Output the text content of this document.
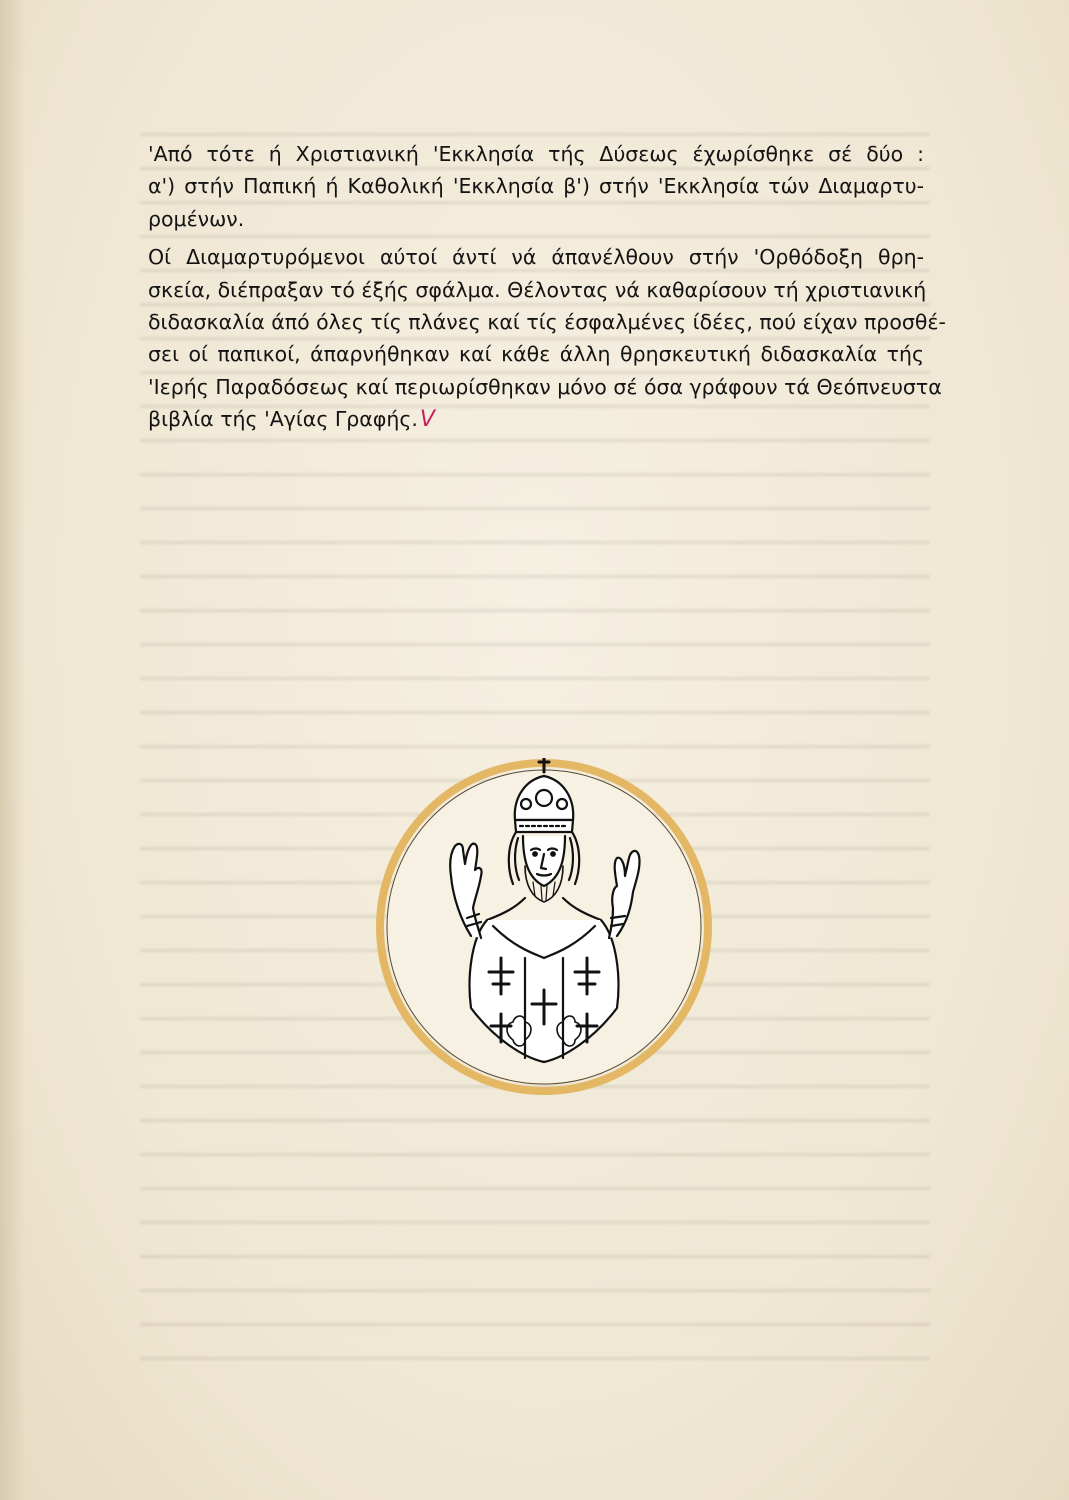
'Από τότε ή Χριστιανική 'Εκκλησία τής Δύσεως έχωρίσθηκε σέ δύο :
α') στήν Παπική ή Καθολική 'Εκκλησία β') στήν 'Εκκλησία τών Διαμαρτυ-
ρομένων.
Οί Διαμαρτυρόμενοι αύτοί άντί νά άπανέλθουν στήν 'Ορθόδοξη θρη-
σκεία, διέπραξαν τό έξής σφάλμα. Θέλοντας νά καθαρίσουν τή χριστιανική
διδασκαλία άπό όλες τίς πλάνες καί τίς έσφαλμένες ίδέες, πού είχαν προσθέ-
σει οί παπικοί, άπαρνήθηκαν καί κάθε άλλη θρησκευτική διδασκαλία τής
'Ιερής Παραδόσεως καί περιωρίσθηκαν μόνο σέ όσα γράφουν τά Θεόπνευστα
βιβλία τής 'Αγίας Γραφής.V
